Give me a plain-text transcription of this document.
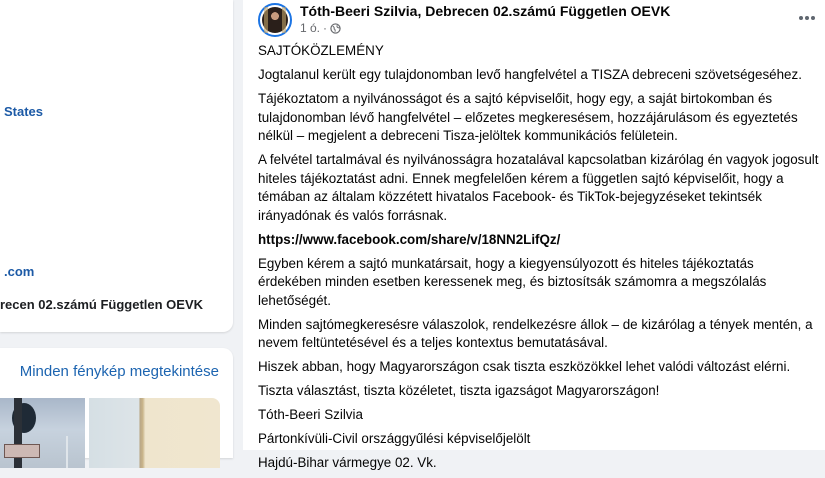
States
.com
recen 02.számú Független OEVK
Minden fénykép megtekintése
Tóth-Beeri Szilvia, Debrecen 02.számú Független OEVK
1 ó. ·

SAJTÓKÖZLEMÉNY

Jogtalanul került egy tulajdonomban levő hangfelvétel a TISZA debreceni szövetségeséhez.

Tájékoztatom a nyilvánosságot és a sajtó képviselőit, hogy egy, a saját birtokomban és tulajdonomban lévő hangfelvétel – előzetes megkeresésem, hozzájárulásom és egyeztetés nélkül – megjelent a debreceni Tisza-jelöltek kommunikációs felületein.

A felvétel tartalmával és nyilvánosságra hozatalával kapcsolatban kizárólag én vagyok jogosult hiteles tájékoztatást adni. Ennek megfelelően kérem a független sajtó képviselőit, hogy a témában az általam közzétett hivatalos Facebook- és TikTok-bejegyzéseket tekintsék irányadónak és valós forrásnak.

https://www.facebook.com/share/v/18NN2LifQz/

Egyben kérem a sajtó munkatársait, hogy a kiegyensúlyozott és hiteles tájékoztatás érdekében minden esetben keressenek meg, és biztosítsák számomra a megszólalás lehetőségét.

Minden sajtómegkeresésre válaszolok, rendelkezésre állok – de kizárólag a tények mentén, a nevem feltüntetésével és a teljes kontextus bemutatásával.

Hiszek abban, hogy Magyarországon csak tiszta eszközökkel lehet valódi változást elérni.

Tiszta választást, tiszta közéletet, tiszta igazságot Magyarországon!

Tóth-Beeri Szilvia

Pártonkívüli-Civil országgyűlési képviselőjelölt

Hajdú-Bihar vármegye 02. Vk.
